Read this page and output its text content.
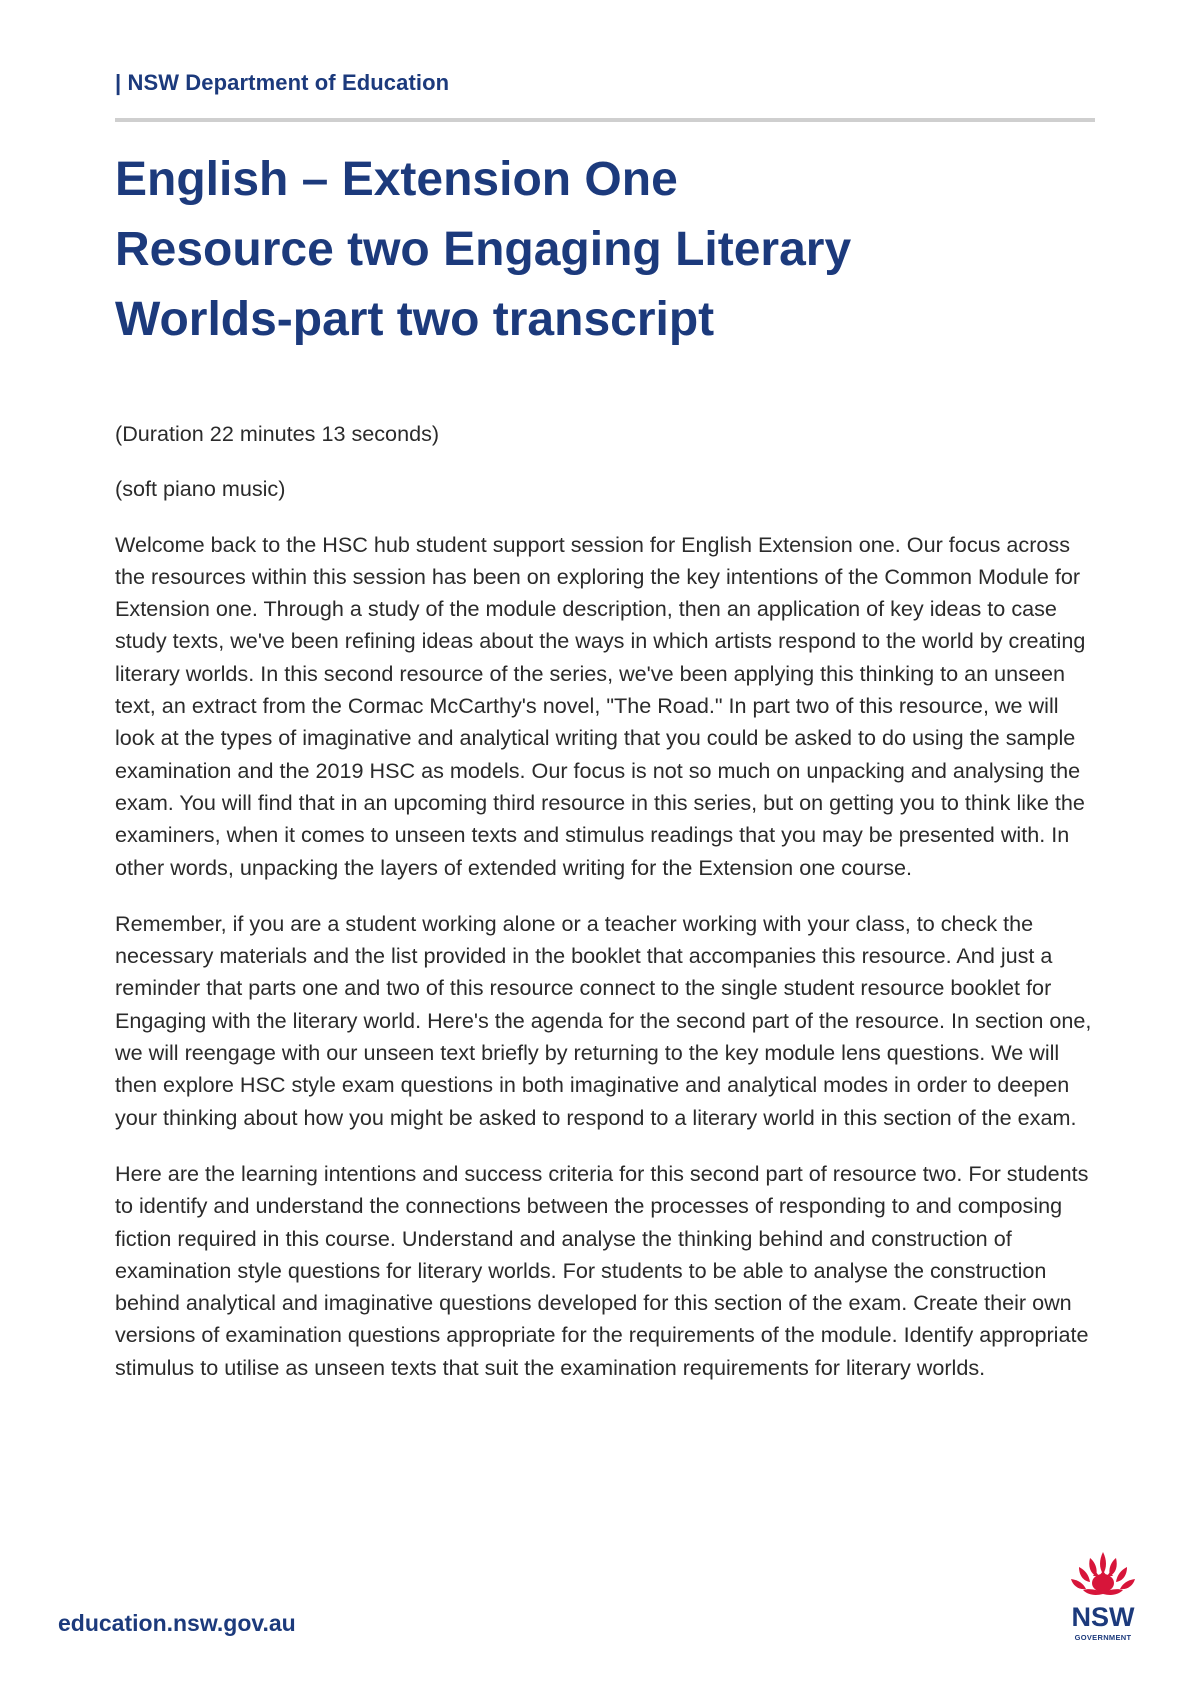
| NSW Department of Education
English – Extension One
Resource two Engaging Literary
Worlds-part two transcript

(Duration 22 minutes 13 seconds)

(soft piano music)

Welcome back to the HSC hub student support session for English Extension one. Our focus across the resources within this session has been on exploring the key intentions of the Common Module for Extension one. Through a study of the module description, then an application of key ideas to case study texts, we've been refining ideas about the ways in which artists respond to the world by creating literary worlds. In this second resource of the series, we've been applying this thinking to an unseen text, an extract from the Cormac McCarthy's novel, "The Road." In part two of this resource, we will look at the types of imaginative and analytical writing that you could be asked to do using the sample examination and the 2019 HSC as models. Our focus is not so much on unpacking and analysing the exam. You will find that in an upcoming third resource in this series, but on getting you to think like the examiners, when it comes to unseen texts and stimulus readings that you may be presented with. In other words, unpacking the layers of extended writing for the Extension one course.

Remember, if you are a student working alone or a teacher working with your class, to check the necessary materials and the list provided in the booklet that accompanies this resource. And just a reminder that parts one and two of this resource connect to the single student resource booklet for Engaging with the literary world. Here's the agenda for the second part of the resource. In section one, we will reengage with our unseen text briefly by returning to the key module lens questions. We will then explore HSC style exam questions in both imaginative and analytical modes in order to deepen your thinking about how you might be asked to respond to a literary world in this section of the exam.

Here are the learning intentions and success criteria for this second part of resource two. For students to identify and understand the connections between the processes of responding to and composing fiction required in this course. Understand and analyse the thinking behind and construction of examination style questions for literary worlds. For students to be able to analyse the construction behind analytical and imaginative questions developed for this section of the exam. Create their own versions of examination questions appropriate for the requirements of the module. Identify appropriate stimulus to utilise as unseen texts that suit the examination requirements for literary worlds.

education.nsw.gov.au	NSW
GOVERNMENT
